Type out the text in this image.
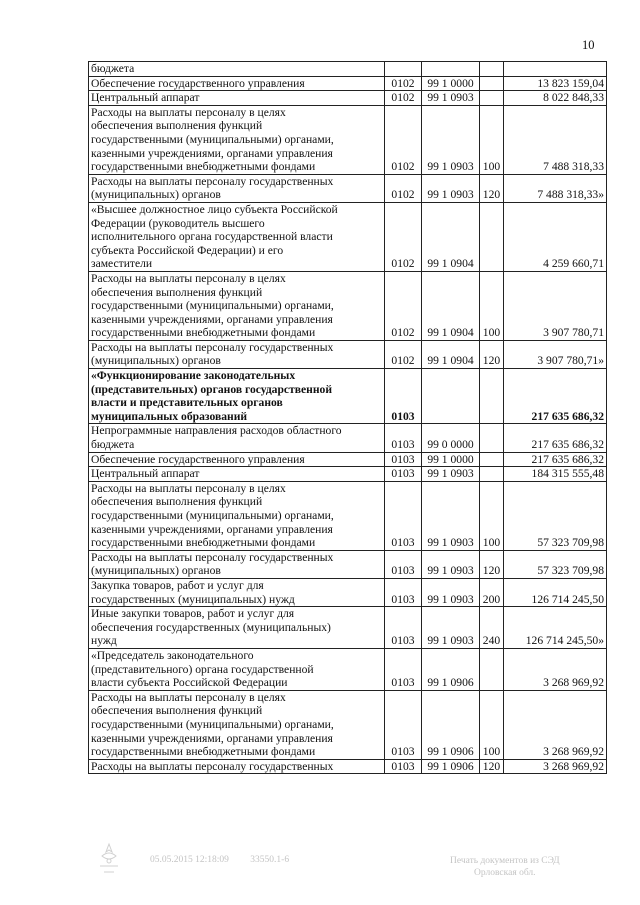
10
бюджета				
Обеспечение государственного управления	0102	99 1 0000		13 823 159,04
Центральный аппарат	0102	99 1 0903		8 022 848,33
Расходы на выплаты персоналу в целях
обеспечения выполнения функций
государственными (муниципальными) органами,
казенными учреждениями, органами управления
государственными внебюджетными фондами	0102	99 1 0903	100	7 488 318,33
Расходы на выплаты персоналу государственных
(муниципальных) органов	0102	99 1 0903	120	7 488 318,33»
«Высшее должностное лицо субъекта Российской
Федерации (руководитель высшего
исполнительного органа государственной власти
субъекта Российской Федерации) и его
заместители	0102	99 1 0904		4 259 660,71
Расходы на выплаты персоналу в целях
обеспечения выполнения функций
государственными (муниципальными) органами,
казенными учреждениями, органами управления
государственными внебюджетными фондами	0102	99 1 0904	100	3 907 780,71
Расходы на выплаты персоналу государственных
(муниципальных) органов	0102	99 1 0904	120	3 907 780,71»
«Функционирование законодательных
(представительных) органов государственной
власти и представительных органов
муниципальных образований	0103			217 635 686,32
Непрограммные направления расходов областного
бюджета	0103	99 0 0000		217 635 686,32
Обеспечение государственного управления	0103	99 1 0000		217 635 686,32
Центральный аппарат	0103	99 1 0903		184 315 555,48
Расходы на выплаты персоналу в целях
обеспечения выполнения функций
государственными (муниципальными) органами,
казенными учреждениями, органами управления
государственными внебюджетными фондами	0103	99 1 0903	100	57 323 709,98
Расходы на выплаты персоналу государственных
(муниципальных) органов	0103	99 1 0903	120	57 323 709,98
Закупка товаров, работ и услуг для
государственных (муниципальных) нужд	0103	99 1 0903	200	126 714 245,50
Иные закупки товаров, работ и услуг для
обеспечения государственных (муниципальных)
нужд	0103	99 1 0903	240	126 714 245,50»
«Председатель законодательного
(представительного) органа государственной
власти субъекта Российской Федерации	0103	99 1 0906		3 268 969,92
Расходы на выплаты персоналу в целях
обеспечения выполнения функций
государственными (муниципальными) органами,
казенными учреждениями, органами управления
государственными внебюджетными фондами	0103	99 1 0906	100	3 268 969,92
Расходы на выплаты персоналу государственных	0103	99 1 0906	120	3 268 969,92
05.05.2015 12:18:09 33550.1-6	Печать документов из СЭД
Орловская обл.
